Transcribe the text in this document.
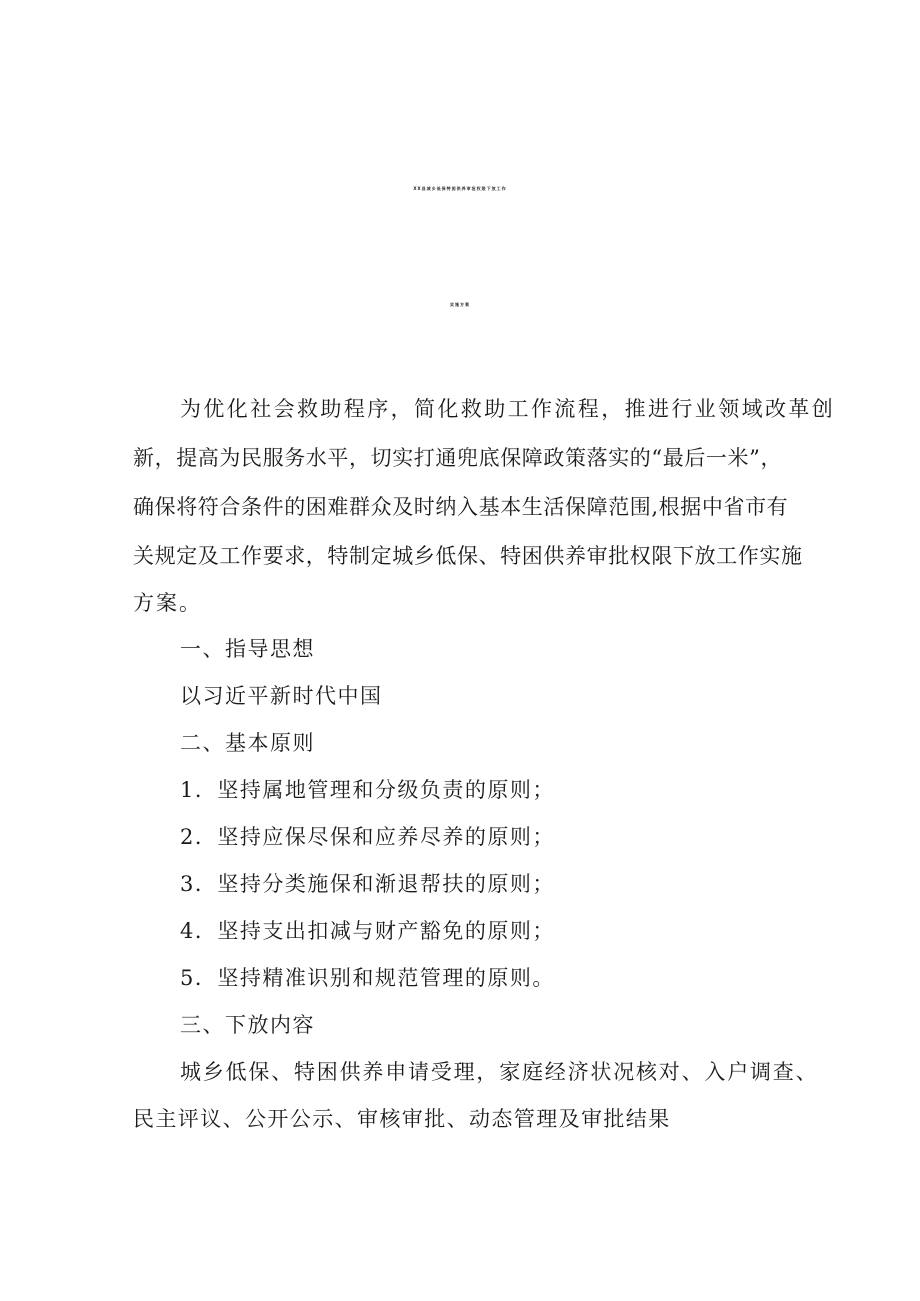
XX县城乡低保特困供养审批权限下放工作
实施方案
为优化社会救助程序，简化救助工作流程，推进行业领域改革创
新，提高为民服务水平，切实打通兜底保障政策落实的“最后一米”，
确保将符合条件的困难群众及时纳入基本生活保障范围,根据中省市有
关规定及工作要求，特制定城乡低保、特困供养审批权限下放工作实施
方案。
一、指导思想
以习近平新时代中国
二、基本原则
1．坚持属地管理和分级负责的原则；
2．坚持应保尽保和应养尽养的原则；
3．坚持分类施保和渐退帮扶的原则；
4．坚持支出扣减与财产豁免的原则；
5．坚持精准识别和规范管理的原则。
三、下放内容
城乡低保、特困供养申请受理，家庭经济状况核对、入户调查、
民主评议、公开公示、审核审批、动态管理及审批结果
